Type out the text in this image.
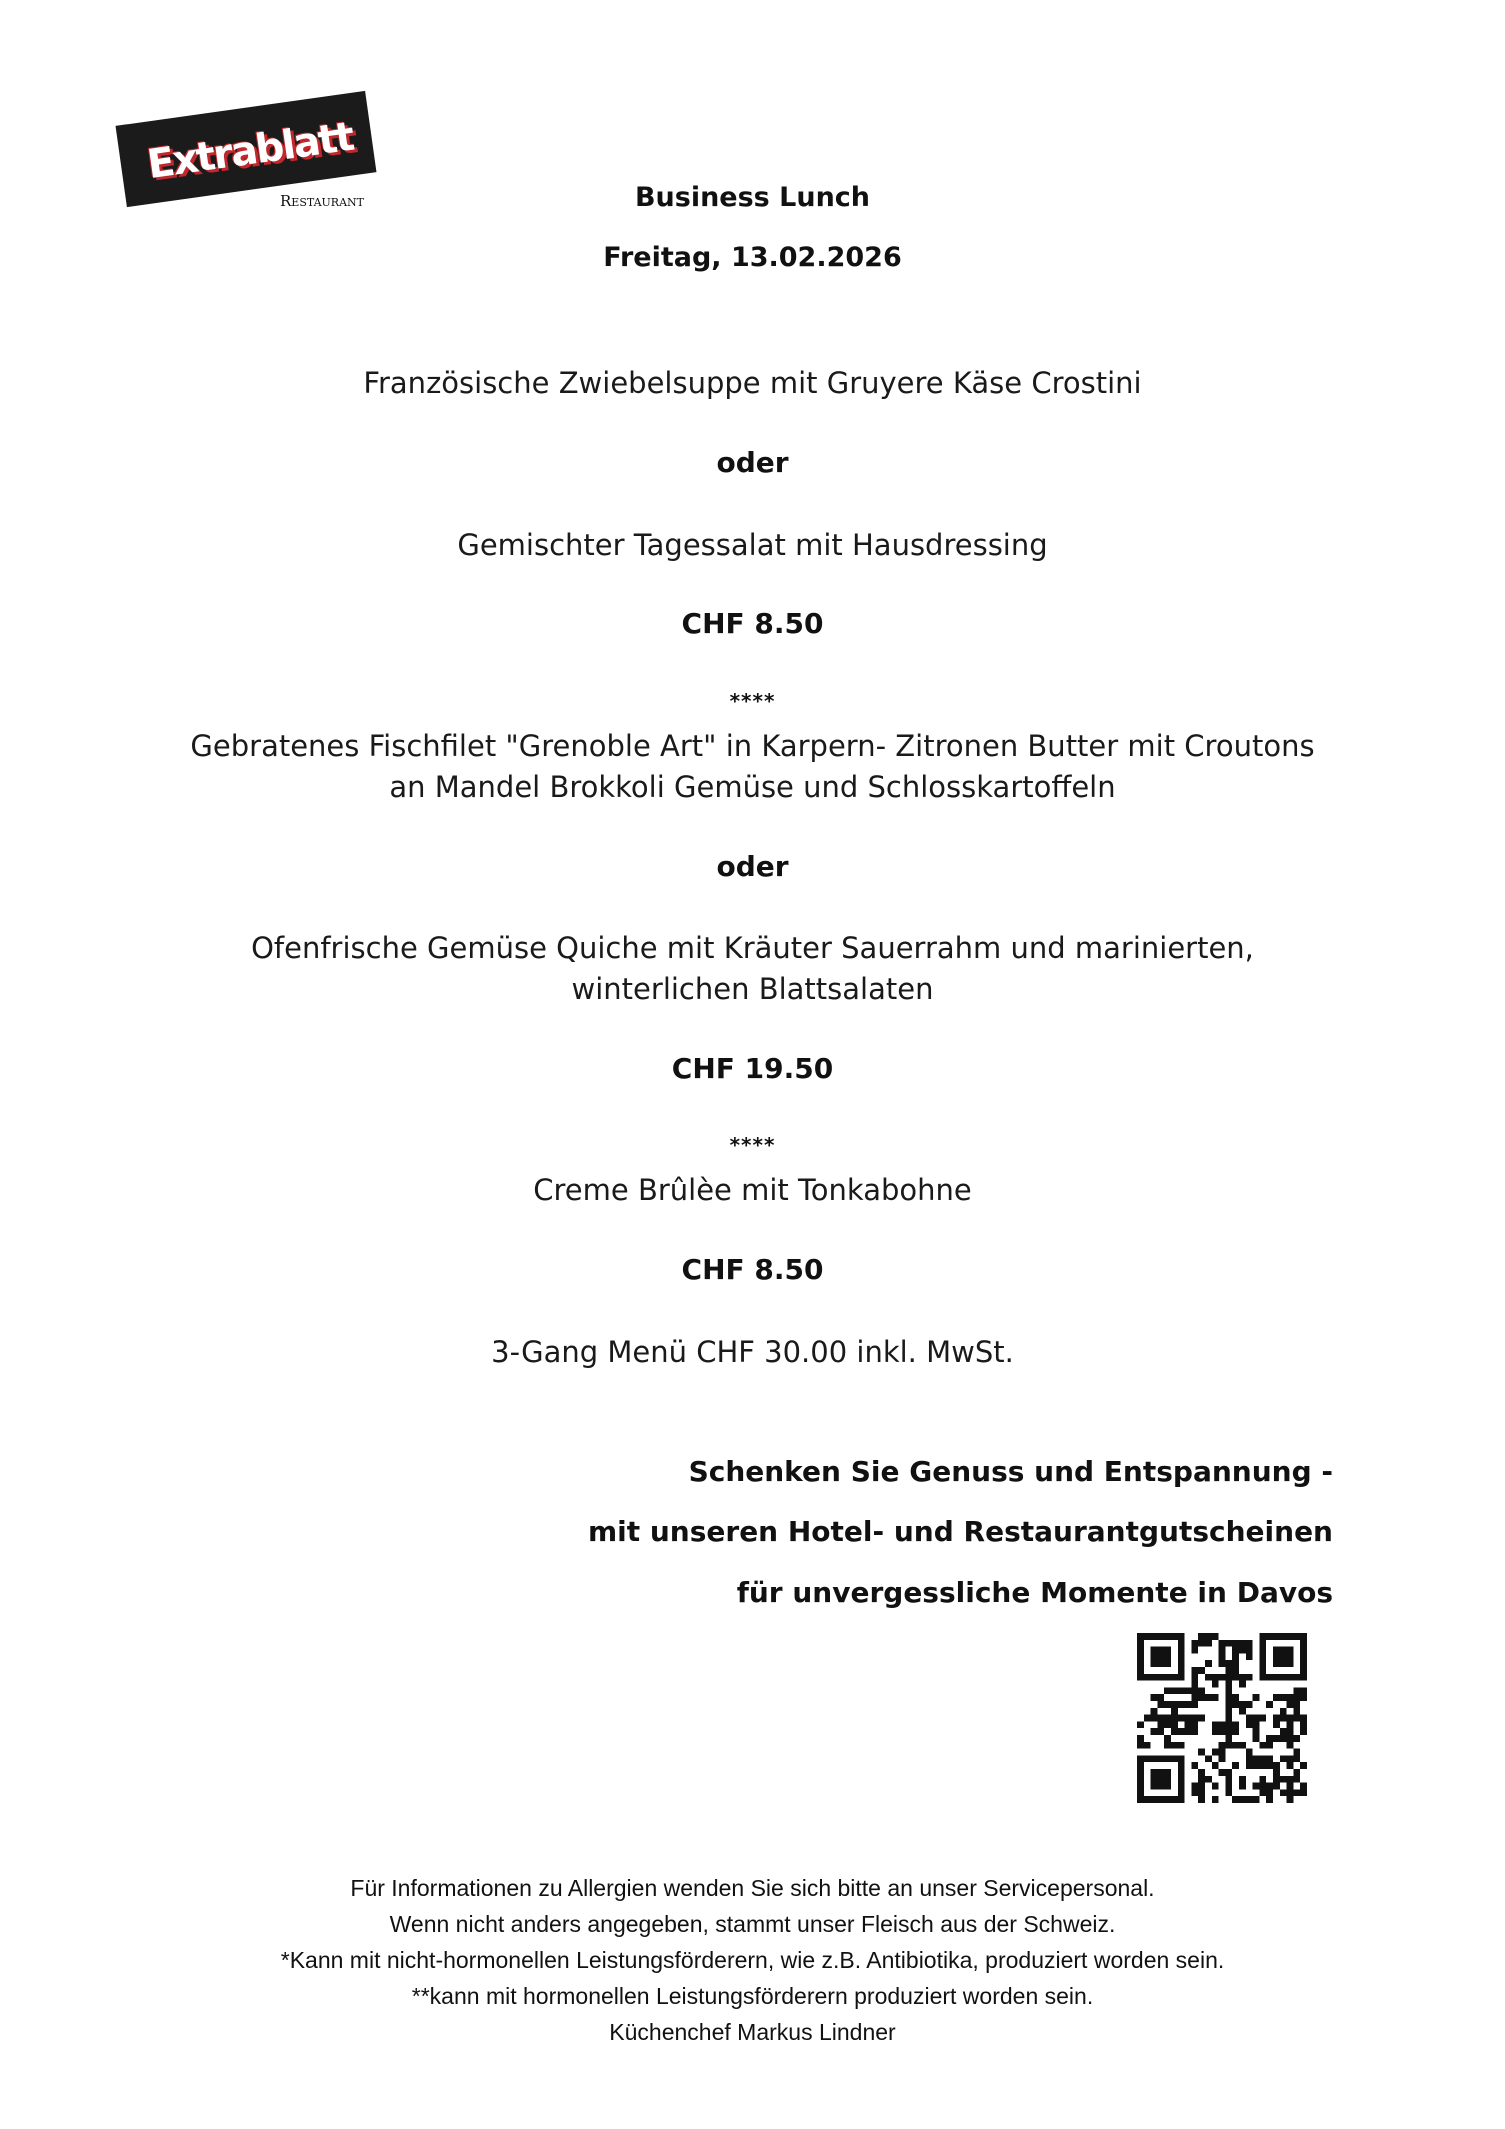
Extrablatt
Restaurant	Business Lunch
Freitag, 13.02.2026
Französische Zwiebelsuppe mit Gruyere Käse Crostini
oder
Gemischter Tagessalat mit Hausdressing
CHF 8.50
****
Gebratenes Fischfilet "Grenoble Art" in Karpern- Zitronen Butter mit Croutons
an Mandel Brokkoli Gemüse und Schlosskartoffeln
oder
Ofenfrische Gemüse Quiche mit Kräuter Sauerrahm und marinierten,
winterlichen Blattsalaten
CHF 19.50
****
Creme Brûlèe mit Tonkabohne
CHF 8.50
3-Gang Menü CHF 30.00 inkl. MwSt.
Schenken Sie Genuss und Entspannung -
mit unseren Hotel- und Restaurantgutscheinen
für unvergessliche Momente in Davos
Für Informationen zu Allergien wenden Sie sich bitte an unser Servicepersonal.
Wenn nicht anders angegeben, stammt unser Fleisch aus der Schweiz.
*Kann mit nicht-hormonellen Leistungsförderern, wie z.B. Antibiotika, produziert worden sein.
**kann mit hormonellen Leistungsförderern produziert worden sein.
Küchenchef Markus Lindner
